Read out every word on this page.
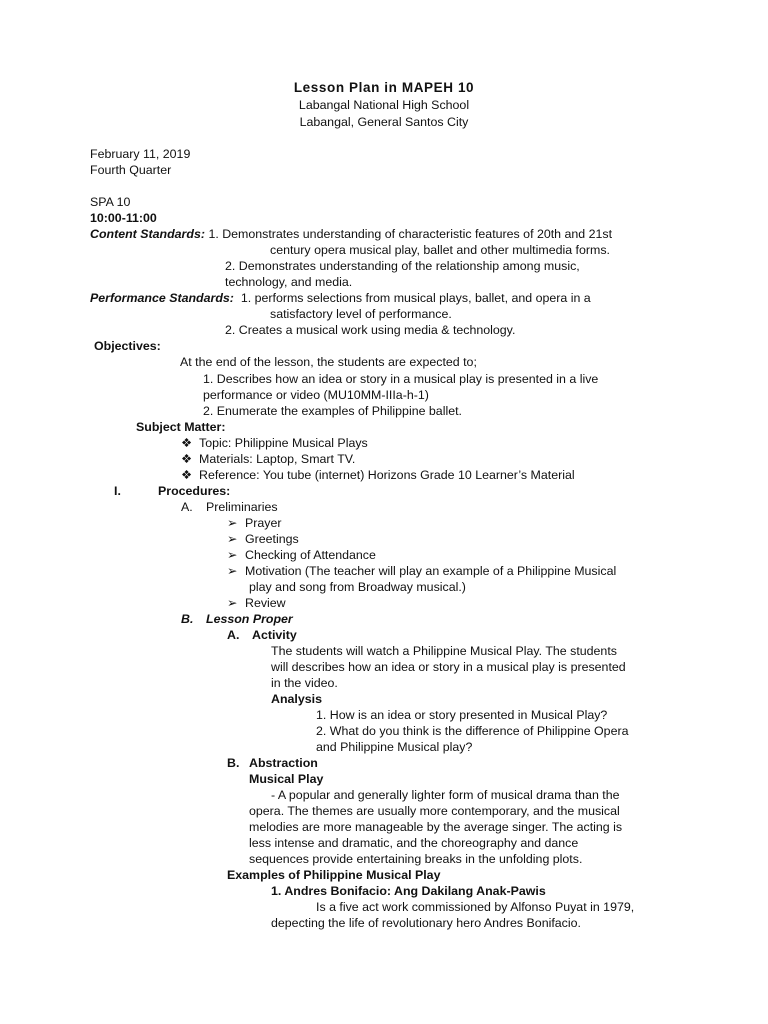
Lesson Plan in MAPEH 10
Labangal National High School
Labangal, General Santos City
February 11, 2019
Fourth Quarter
SPA 10
10:00-11:00
Content Standards: 1. Demonstrates understanding of characteristic features of 20th and 21st
century opera musical play, ballet and other multimedia forms.
2. Demonstrates understanding of the relationship among music,
technology, and media.
Performance Standards: 1. performs selections from musical plays, ballet, and opera in a
satisfactory level of performance.
2. Creates a musical work using media & technology.
Objectives:
At the end of the lesson, the students are expected to;
1. Describes how an idea or story in a musical play is presented in a live
performance or video (MU10MM-IIIa-h-1)
2. Enumerate the examples of Philippine ballet.
Subject Matter:
❖ Topic: Philippine Musical Plays
❖ Materials: Laptop, Smart TV.
❖ Reference: You tube (internet) Horizons Grade 10 Learner’s Material
I.	Procedures:
A. Preliminaries
➢ Prayer
➢ Greetings
➢ Checking of Attendance
➢ Motivation (The teacher will play an example of a Philippine Musical
play and song from Broadway musical.)
➢ Review
B. Lesson Proper
A. Activity
The students will watch a Philippine Musical Play. The students
will describes how an idea or story in a musical play is presented
in the video.
Analysis
1. How is an idea or story presented in Musical Play?
2. What do you think is the difference of Philippine Opera
and Philippine Musical play?
B. Abstraction
Musical Play
- A popular and generally lighter form of musical drama than the
opera. The themes are usually more contemporary, and the musical
melodies are more manageable by the average singer. The acting is
less intense and dramatic, and the choreography and dance
sequences provide entertaining breaks in the unfolding plots.
Examples of Philippine Musical Play
1. Andres Bonifacio: Ang Dakilang Anak-Pawis
Is a five act work commissioned by Alfonso Puyat in 1979,
depecting the life of revolutionary hero Andres Bonifacio.
